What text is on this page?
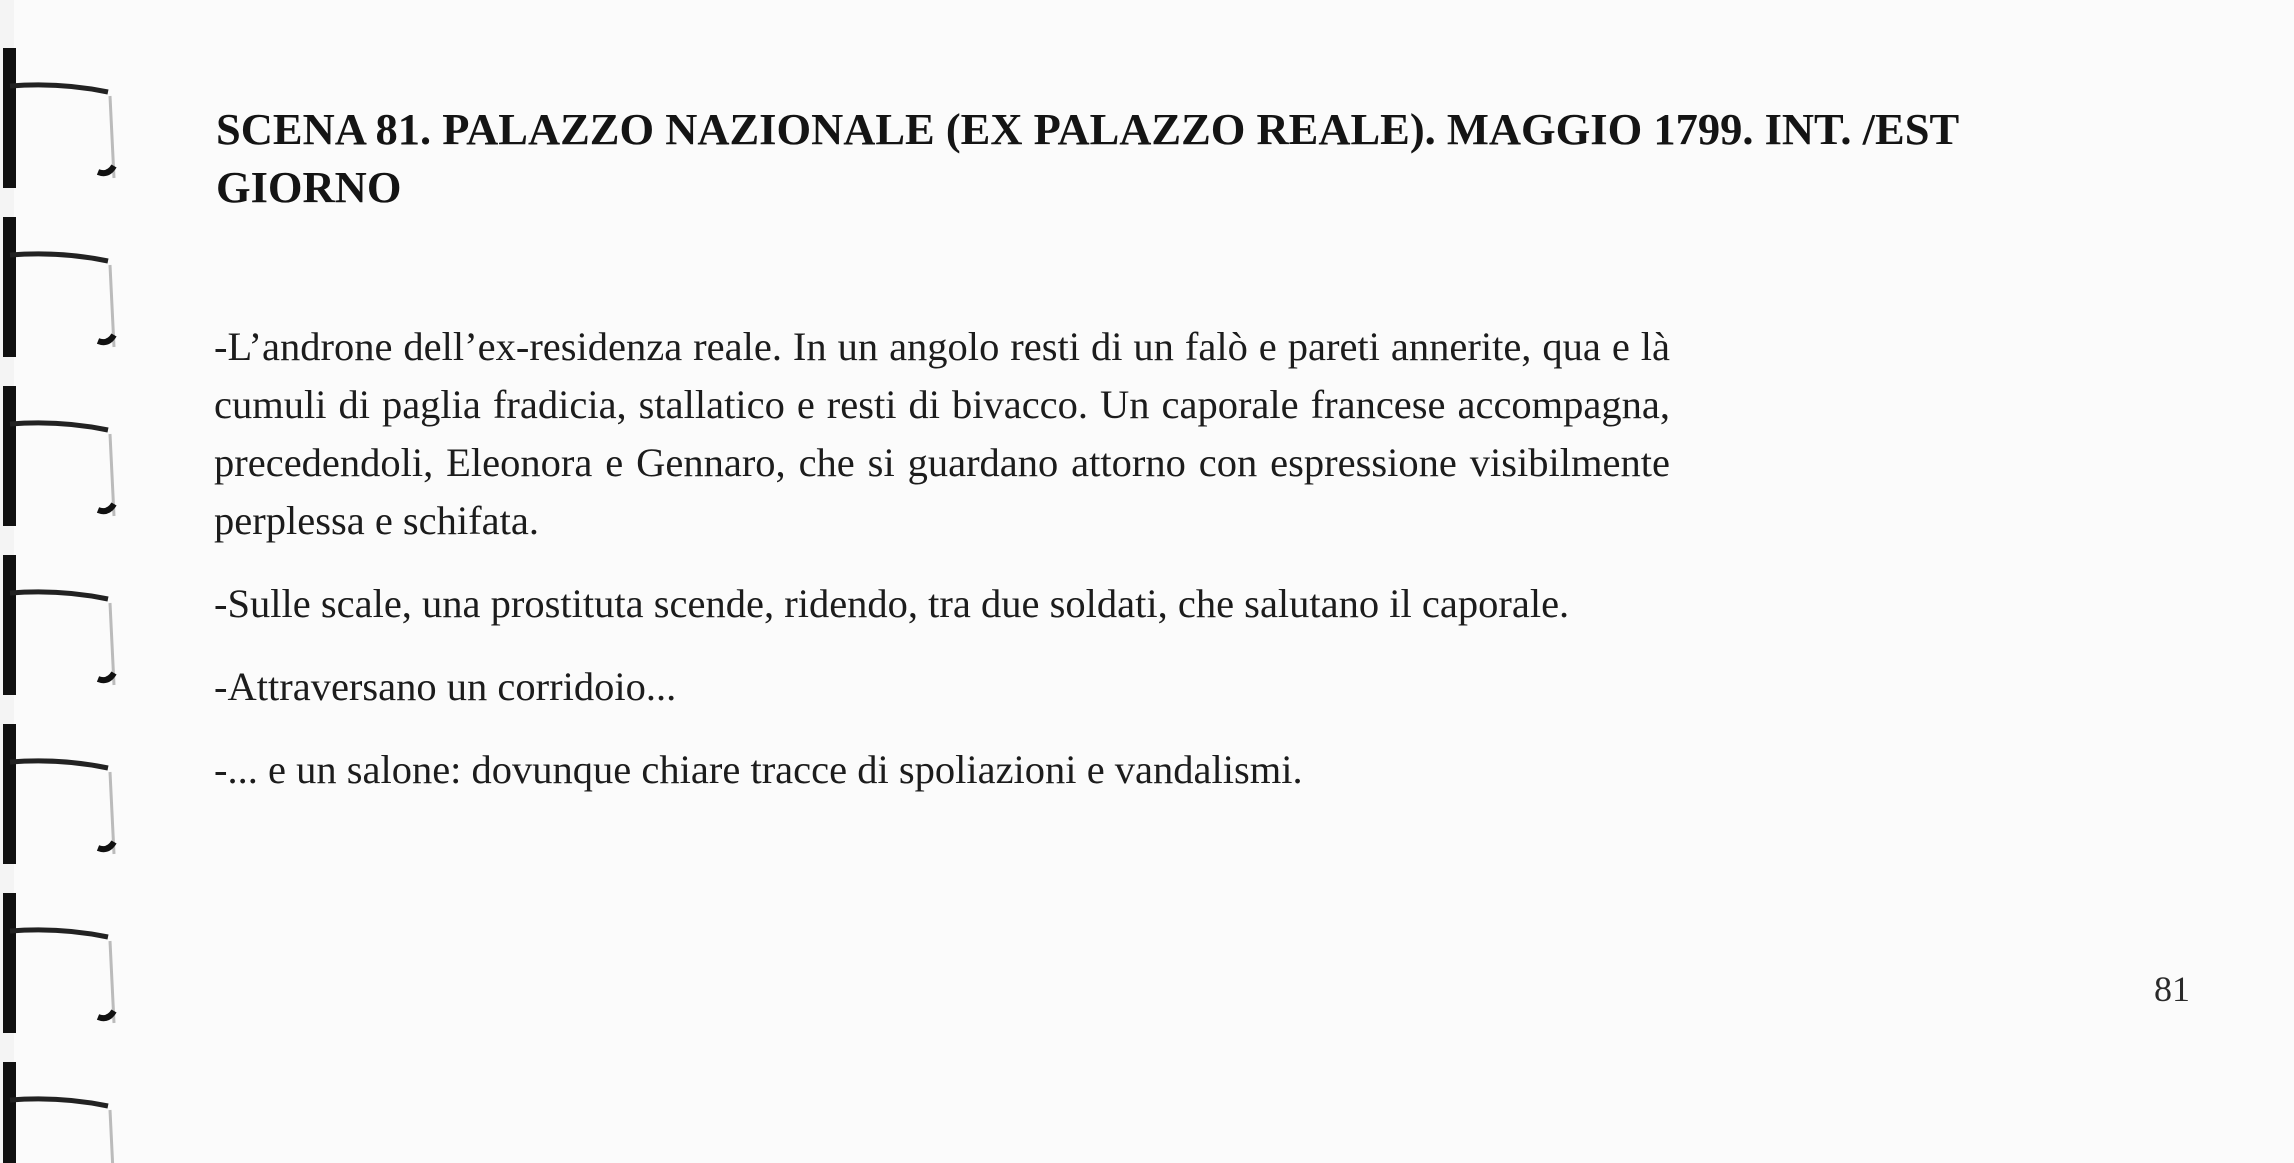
SCENA 81. PALAZZO NAZIONALE (EX PALAZZO REALE). MAGGIO 1799. INT. /EST
GIORNO

-L’androne dell’ex-residenza reale. In un angolo resti di un falò e pareti annerite, qua e là cumuli di paglia fradicia, stallatico e resti di bivacco. Un caporale francese accompagna, precedendoli, Eleonora e Gennaro, che si guardano attorno con espressione visibilmente perplessa e schifata.

-Sulle scale, una prostituta scende, ridendo, tra due soldati, che salutano il caporale.

-Attraversano un corridoio...

-... e un salone: dovunque chiare tracce di spoliazioni e vandalismi.

81
